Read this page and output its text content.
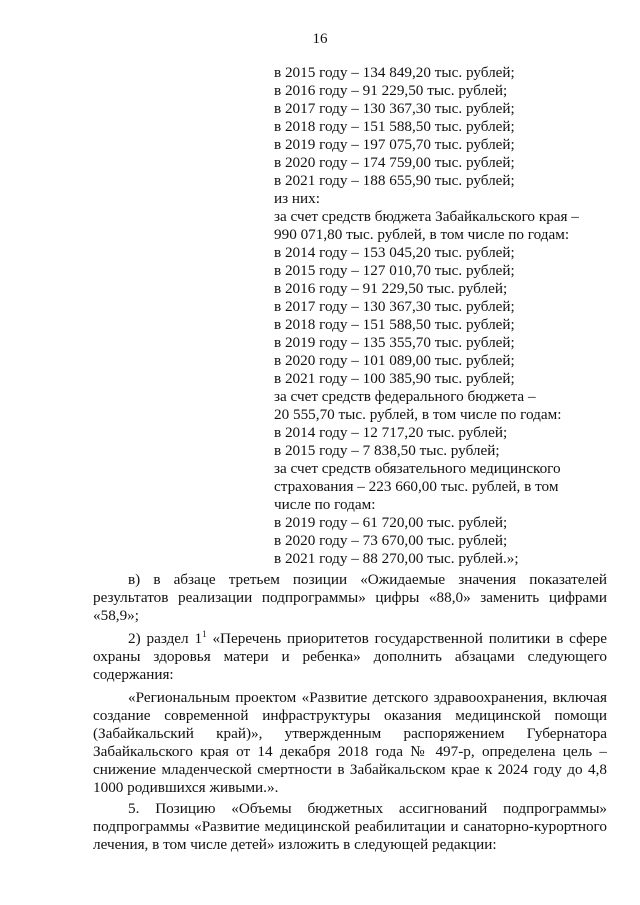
16
в 2015 году – 134 849,20 тыс. рублей;
в 2016 году – 91 229,50 тыс. рублей;
в 2017 году – 130 367,30 тыс. рублей;
в 2018 году – 151 588,50 тыс. рублей;
в 2019 году – 197 075,70 тыс. рублей;
в 2020 году – 174 759,00 тыс. рублей;
в 2021 году – 188 655,90 тыс. рублей;
из них:
за счет средств бюджета Забайкальского края –
990 071,80 тыс. рублей, в том числе по годам:
в 2014 году – 153 045,20 тыс. рублей;
в 2015 году – 127 010,70 тыс. рублей;
в 2016 году – 91 229,50 тыс. рублей;
в 2017 году – 130 367,30 тыс. рублей;
в 2018 году – 151 588,50 тыс. рублей;
в 2019 году – 135 355,70 тыс. рублей;
в 2020 году – 101 089,00 тыс. рублей;
в 2021 году – 100 385,90 тыс. рублей;
за счет средств федерального бюджета –
20 555,70 тыс. рублей, в том числе по годам:
в 2014 году – 12 717,20 тыс. рублей;
в 2015 году – 7 838,50 тыс. рублей;
за счет средств обязательного медицинского
страхования – 223 660,00 тыс. рублей, в том
числе по годам:
в 2019 году – 61 720,00 тыс. рублей;
в 2020 году – 73 670,00 тыс. рублей;
в 2021 году – 88 270,00 тыс. рублей.»;
в) в абзаце третьем позиции «Ожидаемые значения показателей
результатов реализации подпрограммы» цифры «88,0» заменить цифрами
«58,9»;
2) раздел $1^1$ «Перечень приоритетов государственной политики в сфере
охраны здоровья матери и ребенка» дополнить абзацами следующего
содержания:
«Региональным проектом «Развитие детского здравоохранения, включая
создание современной инфраструктуры оказания медицинской помощи
(Забайкальский край)», утвержденным распоряжением Губернатора
Забайкальского края от 14 декабря 2018 года № 497-р, определена цель –
снижение младенческой смертности в Забайкальском крае к 2024 году до 4,8
1000 родившихся живыми.».
5. Позицию «Объемы бюджетных ассигнований подпрограммы»
подпрограммы «Развитие медицинской реабилитации и санаторно-курортного
лечения, в том числе детей» изложить в следующей редакции:
